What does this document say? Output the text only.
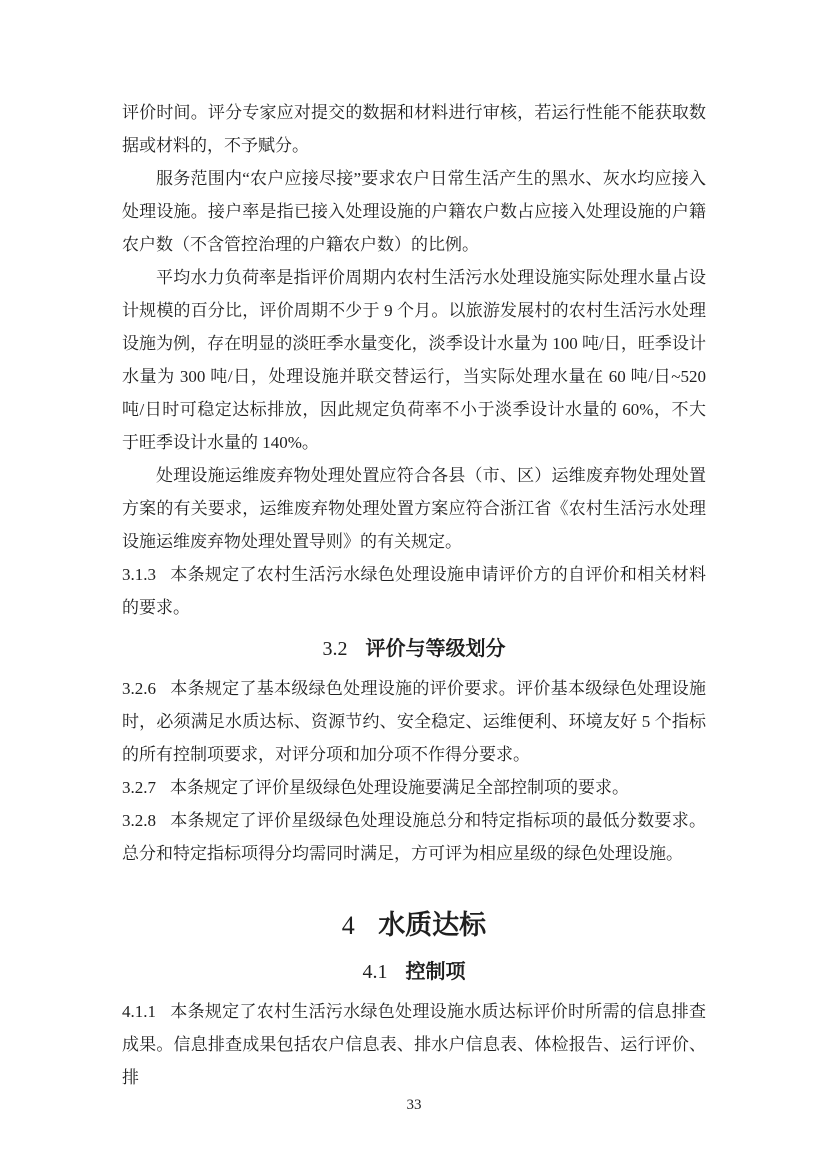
评价时间。评分专家应对提交的数据和材料进行审核，若运行性能不能获取数据或材料的，不予赋分。

服务范围内“农户应接尽接”要求农户日常生活产生的黑水、灰水均应接入处理设施。接户率是指已接入处理设施的户籍农户数占应接入处理设施的户籍农户数（不含管控治理的户籍农户数）的比例。

平均水力负荷率是指评价周期内农村生活污水处理设施实际处理水量占设计规模的百分比，评价周期不少于 9 个月。以旅游发展村的农村生活污水处理设施为例，存在明显的淡旺季水量变化，淡季设计水量为 100 吨/日，旺季设计水量为 300 吨/日，处理设施并联交替运行，当实际处理水量在 60 吨/日~520 吨/日时可稳定达标排放，因此规定负荷率不小于淡季设计水量的 60%，不大于旺季设计水量的 140%。

处理设施运维废弃物处理处置应符合各县（市、区）运维废弃物处理处置方案的有关要求，运维废弃物处理处置方案应符合浙江省《农村生活污水处理设施运维废弃物处理处置导则》的有关规定。

3.1.3 本条规定了农村生活污水绿色处理设施申请评价方的自评价和相关材料的要求。

3.2 评价与等级划分

3.2.6 本条规定了基本级绿色处理设施的评价要求。评价基本级绿色处理设施时，必须满足水质达标、资源节约、安全稳定、运维便利、环境友好 5 个指标的所有控制项要求，对评分项和加分项不作得分要求。

3.2.7 本条规定了评价星级绿色处理设施要满足全部控制项的要求。

3.2.8 本条规定了评价星级绿色处理设施总分和特定指标项的最低分数要求。总分和特定指标项得分均需同时满足，方可评为相应星级的绿色处理设施。

4 水质达标
4.1 控制项

4.1.1 本条规定了农村生活污水绿色处理设施水质达标评价时所需的信息排查成果。信息排查成果包括农户信息表、排水户信息表、体检报告、运行评价、排

33
